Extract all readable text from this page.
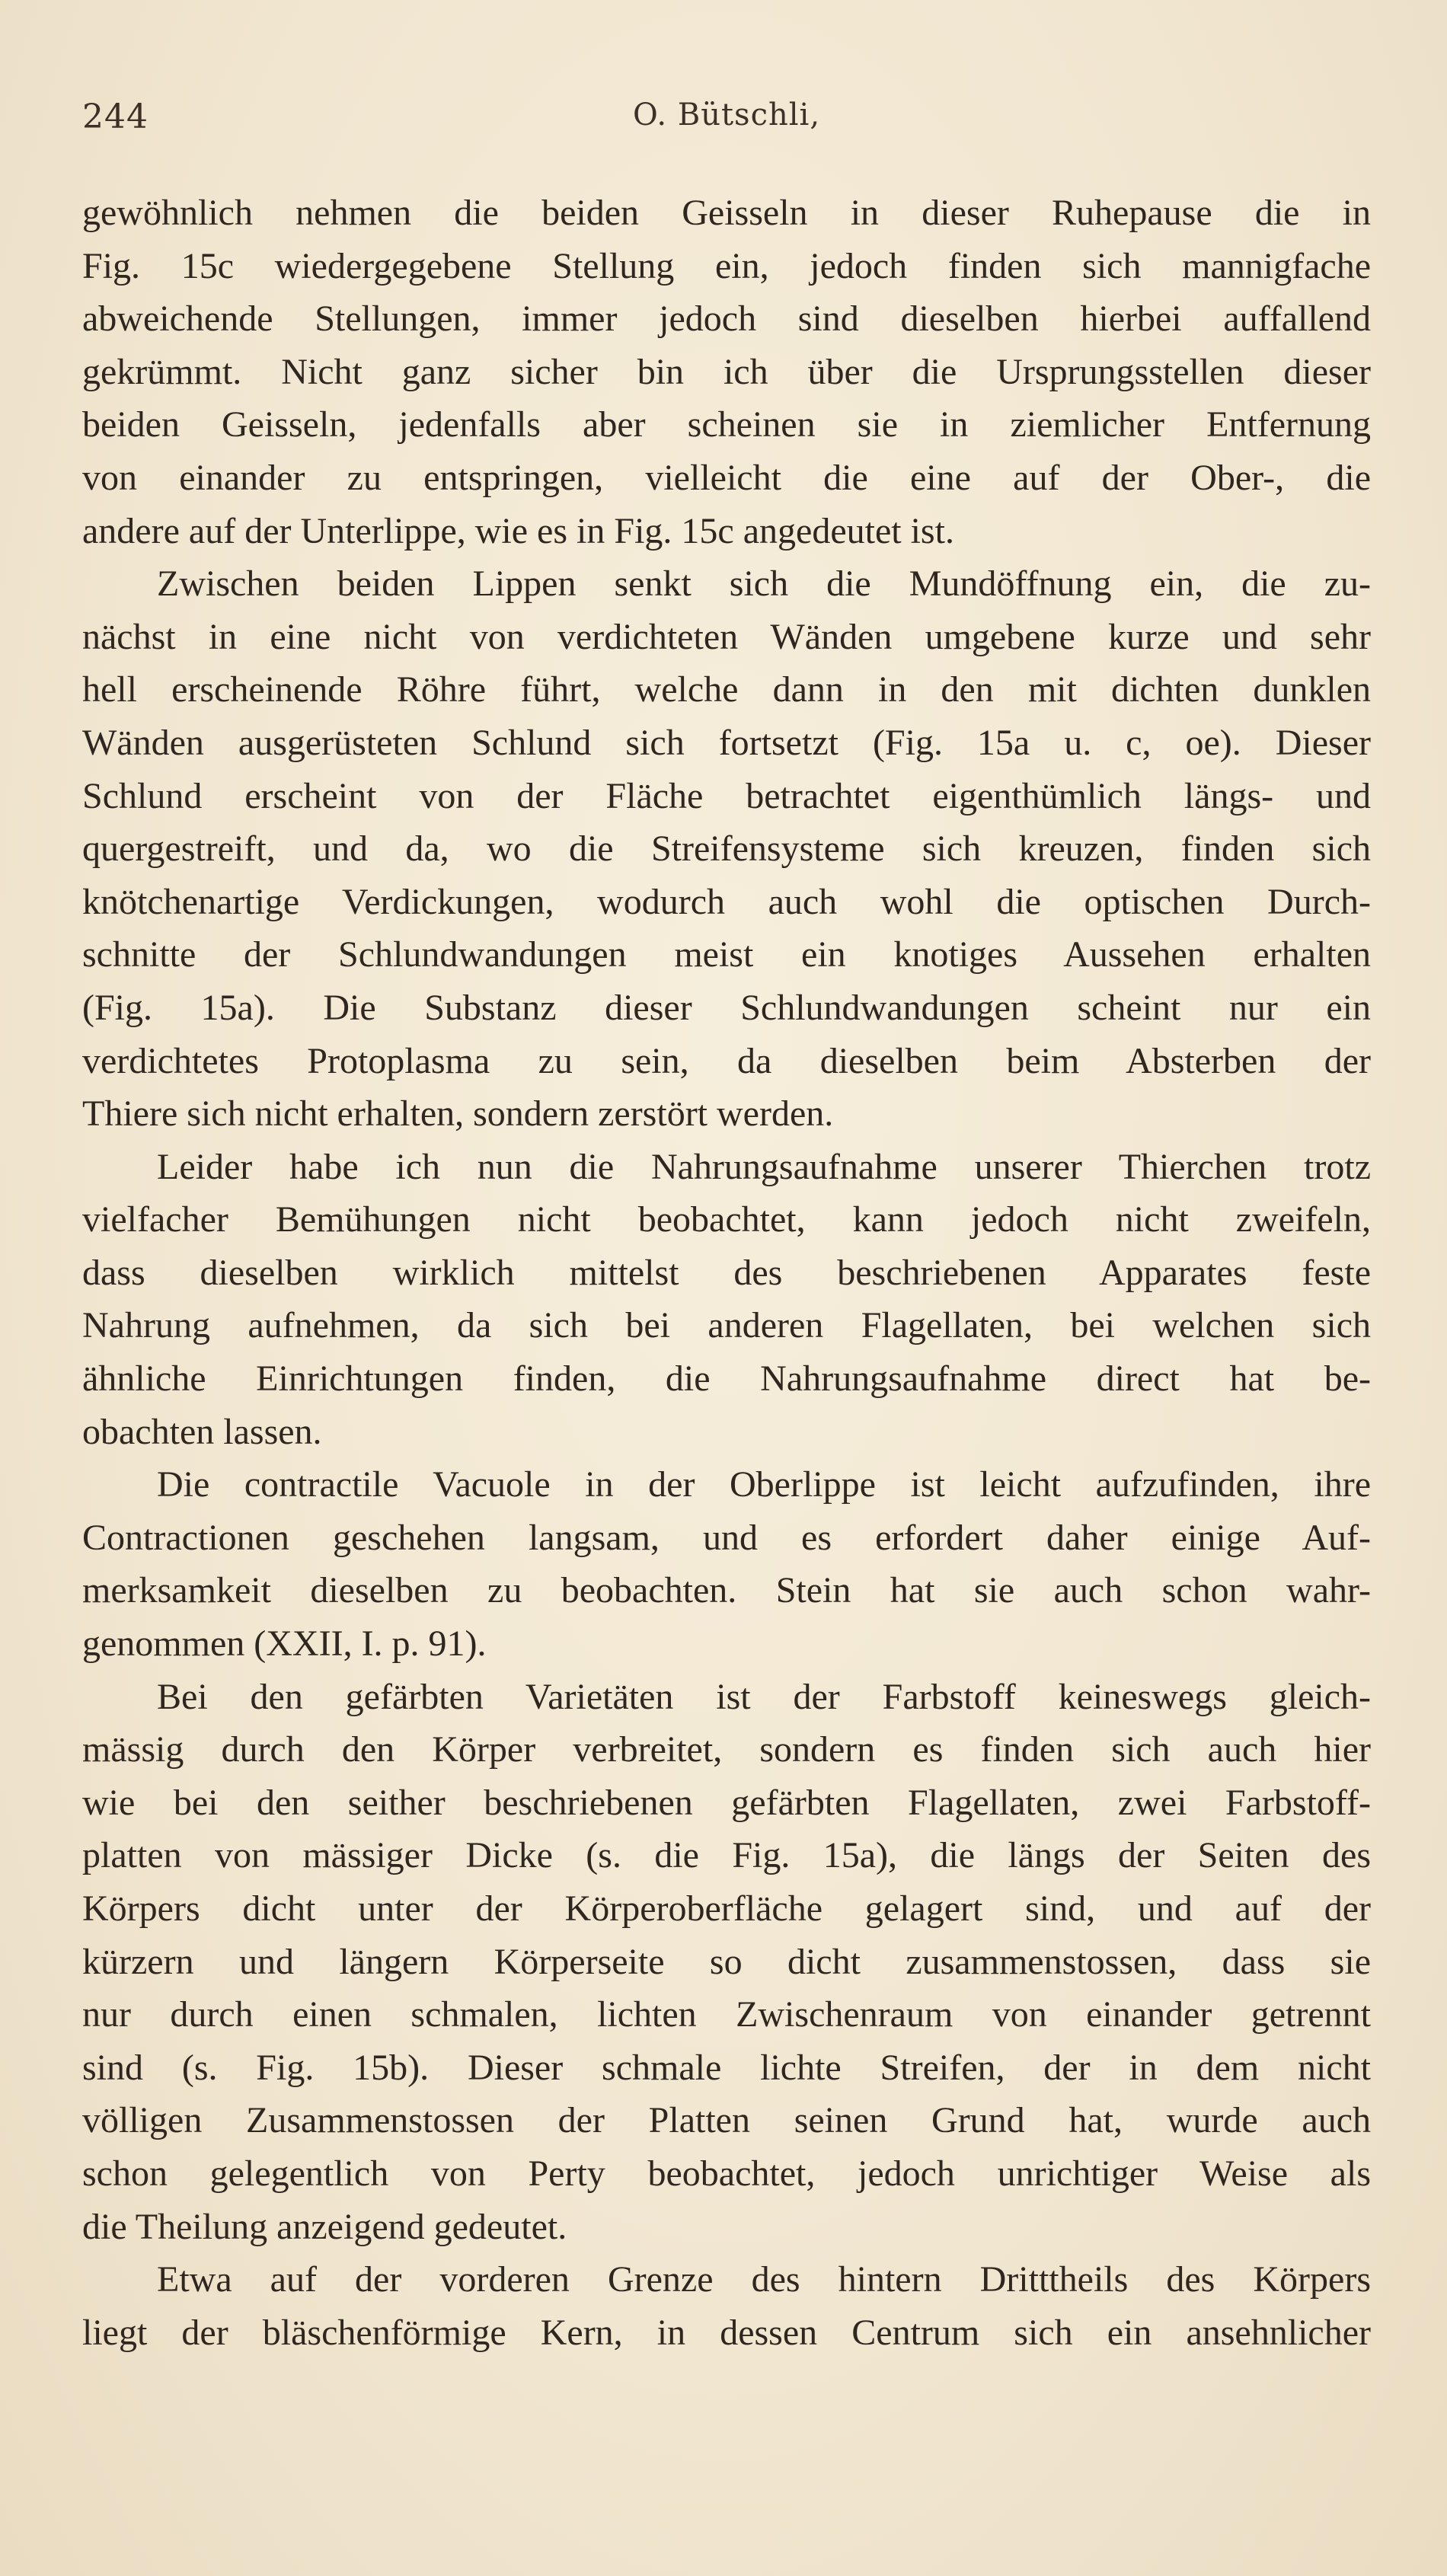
244	O. Bütschli,
gewöhnlich nehmen die beiden Geisseln in dieser Ruhepause die in
Fig. 15c wiedergegebene Stellung ein, jedoch finden sich mannigfache
abweichende Stellungen, immer jedoch sind dieselben hierbei auffallend
gekrümmt. Nicht ganz sicher bin ich über die Ursprungsstellen dieser
beiden Geisseln, jedenfalls aber scheinen sie in ziemlicher Entfernung
von einander zu entspringen, vielleicht die eine auf der Ober-, die
andere auf der Unterlippe, wie es in Fig. 15c angedeutet ist.
Zwischen beiden Lippen senkt sich die Mundöffnung ein, die zu-
nächst in eine nicht von verdichteten Wänden umgebene kurze und sehr
hell erscheinende Röhre führt, welche dann in den mit dichten dunklen
Wänden ausgerüsteten Schlund sich fortsetzt (Fig. 15a u. c, oe). Dieser
Schlund erscheint von der Fläche betrachtet eigenthümlich längs- und
quergestreift, und da, wo die Streifensysteme sich kreuzen, finden sich
knötchenartige Verdickungen, wodurch auch wohl die optischen Durch-
schnitte der Schlundwandungen meist ein knotiges Aussehen erhalten
(Fig. 15a). Die Substanz dieser Schlundwandungen scheint nur ein
verdichtetes Protoplasma zu sein, da dieselben beim Absterben der
Thiere sich nicht erhalten, sondern zerstört werden.
Leider habe ich nun die Nahrungsaufnahme unserer Thierchen trotz
vielfacher Bemühungen nicht beobachtet, kann jedoch nicht zweifeln,
dass dieselben wirklich mittelst des beschriebenen Apparates feste
Nahrung aufnehmen, da sich bei anderen Flagellaten, bei welchen sich
ähnliche Einrichtungen finden, die Nahrungsaufnahme direct hat be-
obachten lassen.
Die contractile Vacuole in der Oberlippe ist leicht aufzufinden, ihre
Contractionen geschehen langsam, und es erfordert daher einige Auf-
merksamkeit dieselben zu beobachten. Stein hat sie auch schon wahr-
genommen (XXII, I. p. 91).
Bei den gefärbten Varietäten ist der Farbstoff keineswegs gleich-
mässig durch den Körper verbreitet, sondern es finden sich auch hier
wie bei den seither beschriebenen gefärbten Flagellaten, zwei Farbstoff-
platten von mässiger Dicke (s. die Fig. 15a), die längs der Seiten des
Körpers dicht unter der Körperoberfläche gelagert sind, und auf der
kürzern und längern Körperseite so dicht zusammenstossen, dass sie
nur durch einen schmalen, lichten Zwischenraum von einander getrennt
sind (s. Fig. 15b). Dieser schmale lichte Streifen, der in dem nicht
völligen Zusammenstossen der Platten seinen Grund hat, wurde auch
schon gelegentlich von Perty beobachtet, jedoch unrichtiger Weise als
die Theilung anzeigend gedeutet.
Etwa auf der vorderen Grenze des hintern Dritttheils des Körpers
liegt der bläschenförmige Kern, in dessen Centrum sich ein ansehnlicher
